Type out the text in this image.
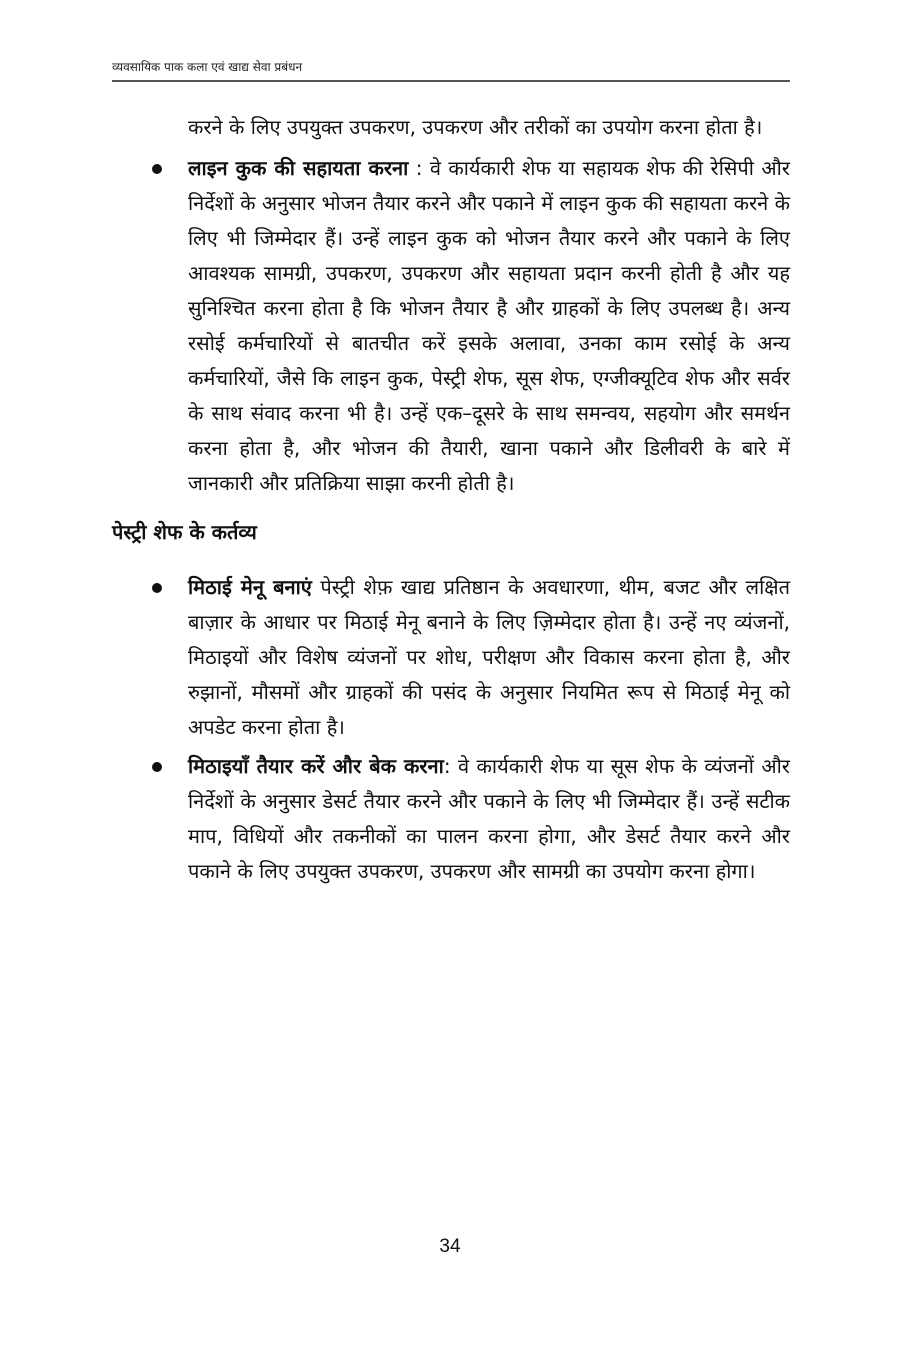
व्यवसायिक पाक कला एवं खाद्य सेवा प्रबंधन

करने के लिए उपयुक्त उपकरण, उपकरण और तरीकों का उपयोग करना होता है।

लाइन कुक की सहायता करना : वे कार्यकारी शेफ या सहायक शेफ की रेसिपी और निर्देशों के अनुसार भोजन तैयार करने और पकाने में लाइन कुक की सहायता करने के लिए भी जिम्मेदार हैं। उन्हें लाइन कुक को भोजन तैयार करने और पकाने के लिए आवश्यक सामग्री, उपकरण, उपकरण और सहायता प्रदान करनी होती है और यह सुनिश्चित करना होता है कि भोजन तैयार है और ग्राहकों के लिए उपलब्ध है। अन्य रसोई कर्मचारियों से बातचीत करें इसके अलावा, उनका काम रसोई के अन्य कर्मचारियों, जैसे कि लाइन कुक, पेस्ट्री शेफ, सूस शेफ, एग्जीक्यूटिव शेफ और सर्वर के साथ संवाद करना भी है। उन्हें एक–दूसरे के साथ समन्वय, सहयोग और समर्थन करना होता है, और भोजन की तैयारी, खाना पकाने और डिलीवरी के बारे में जानकारी और प्रतिक्रिया साझा करनी होती है।
पेस्ट्री शेफ के कर्तव्य
मिठाई मेनू बनाएं पेस्ट्री शेफ़ खाद्य प्रतिष्ठान के अवधारणा, थीम, बजट और लक्षित बाज़ार के आधार पर मिठाई मेनू बनाने के लिए ज़िम्मेदार होता है। उन्हें नए व्यंजनों, मिठाइयों और विशेष व्यंजनों पर शोध, परीक्षण और विकास करना होता है, और रुझानों, मौसमों और ग्राहकों की पसंद के अनुसार नियमित रूप से मिठाई मेनू को अपडेट करना होता है।
मिठाइयाँ तैयार करें और बेक करना: वे कार्यकारी शेफ या सूस शेफ के व्यंजनों और निर्देशों के अनुसार डेसर्ट तैयार करने और पकाने के लिए भी जिम्मेदार हैं। उन्हें सटीक माप, विधियों और तकनीकों का पालन करना होगा, और डेसर्ट तैयार करने और पकाने के लिए उपयुक्त उपकरण, उपकरण और सामग्री का उपयोग करना होगा।
34
